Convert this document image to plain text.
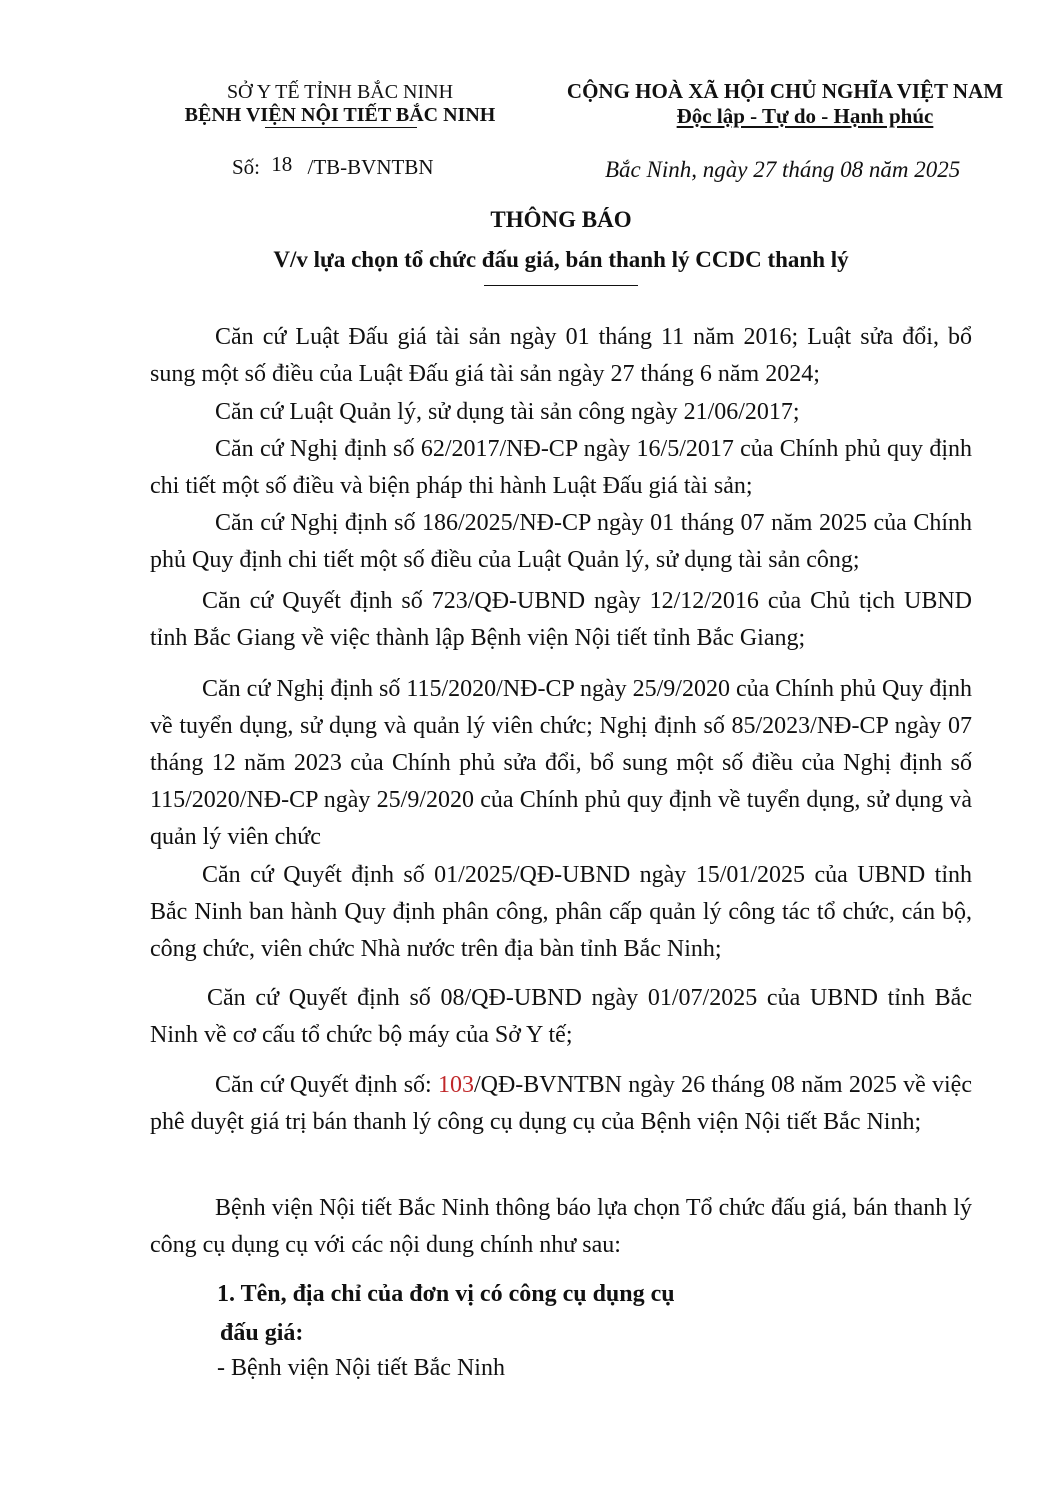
SỞ Y TẾ TỈNH BẮC NINH
BỆNH VIỆN NỘI TIẾT BẮC NINH
CỘNG HOÀ XÃ HỘI CHỦ NGHĨA VIỆT NAM
Độc lập - Tự do - Hạnh phúc
Số: 18 /TB-BVNTBN	Bắc Ninh, ngày 27 tháng 08 năm 2025
THÔNG BÁO
V/v lựa chọn tổ chức đấu giá, bán thanh lý CCDC thanh lý
Căn cứ Luật Đấu giá tài sản ngày 01 tháng 11 năm 2016; Luật sửa đổi, bổ sung một số điều của Luật Đấu giá tài sản ngày 27 tháng 6 năm 2024;
Căn cứ Luật Quản lý, sử dụng tài sản công ngày 21/06/2017;
Căn cứ Nghị định số 62/2017/NĐ-CP ngày 16/5/2017 của Chính phủ quy định chi tiết một số điều và biện pháp thi hành Luật Đấu giá tài sản;
Căn cứ Nghị định số 186/2025/NĐ-CP ngày 01 tháng 07 năm 2025 của Chính phủ Quy định chi tiết một số điều của Luật Quản lý, sử dụng tài sản công;
Căn cứ Quyết định số 723/QĐ-UBND ngày 12/12/2016 của Chủ tịch UBND tỉnh Bắc Giang về việc thành lập Bệnh viện Nội tiết tỉnh Bắc Giang;
Căn cứ Nghị định số 115/2020/NĐ-CP ngày 25/9/2020 của Chính phủ Quy định về tuyển dụng, sử dụng và quản lý viên chức; Nghị định số 85/2023/NĐ-CP ngày 07 tháng 12 năm 2023 của Chính phủ sửa đổi, bổ sung một số điều của Nghị định số 115/2020/NĐ-CP ngày 25/9/2020 của Chính phủ quy định về tuyển dụng, sử dụng và quản lý viên chức
Căn cứ Quyết định số 01/2025/QĐ-UBND ngày 15/01/2025 của UBND tỉnh Bắc Ninh ban hành Quy định phân công, phân cấp quản lý công tác tổ chức, cán bộ, công chức, viên chức Nhà nước trên địa bàn tỉnh Bắc Ninh;
Căn cứ Quyết định số 08/QĐ-UBND ngày 01/07/2025 của UBND tỉnh Bắc Ninh về cơ cấu tổ chức bộ máy của Sở Y tế;
Căn cứ Quyết định số: 103/QĐ-BVNTBN ngày 26 tháng 08 năm 2025 về việc phê duyệt giá trị bán thanh lý công cụ dụng cụ của Bệnh viện Nội tiết Bắc Ninh;
Bệnh viện Nội tiết Bắc Ninh thông báo lựa chọn Tổ chức đấu giá, bán thanh lý công cụ dụng cụ với các nội dung chính như sau:
1. Tên, địa chỉ của đơn vị có công cụ dụng cụ
đấu giá:
- Bệnh viện Nội tiết Bắc Ninh
